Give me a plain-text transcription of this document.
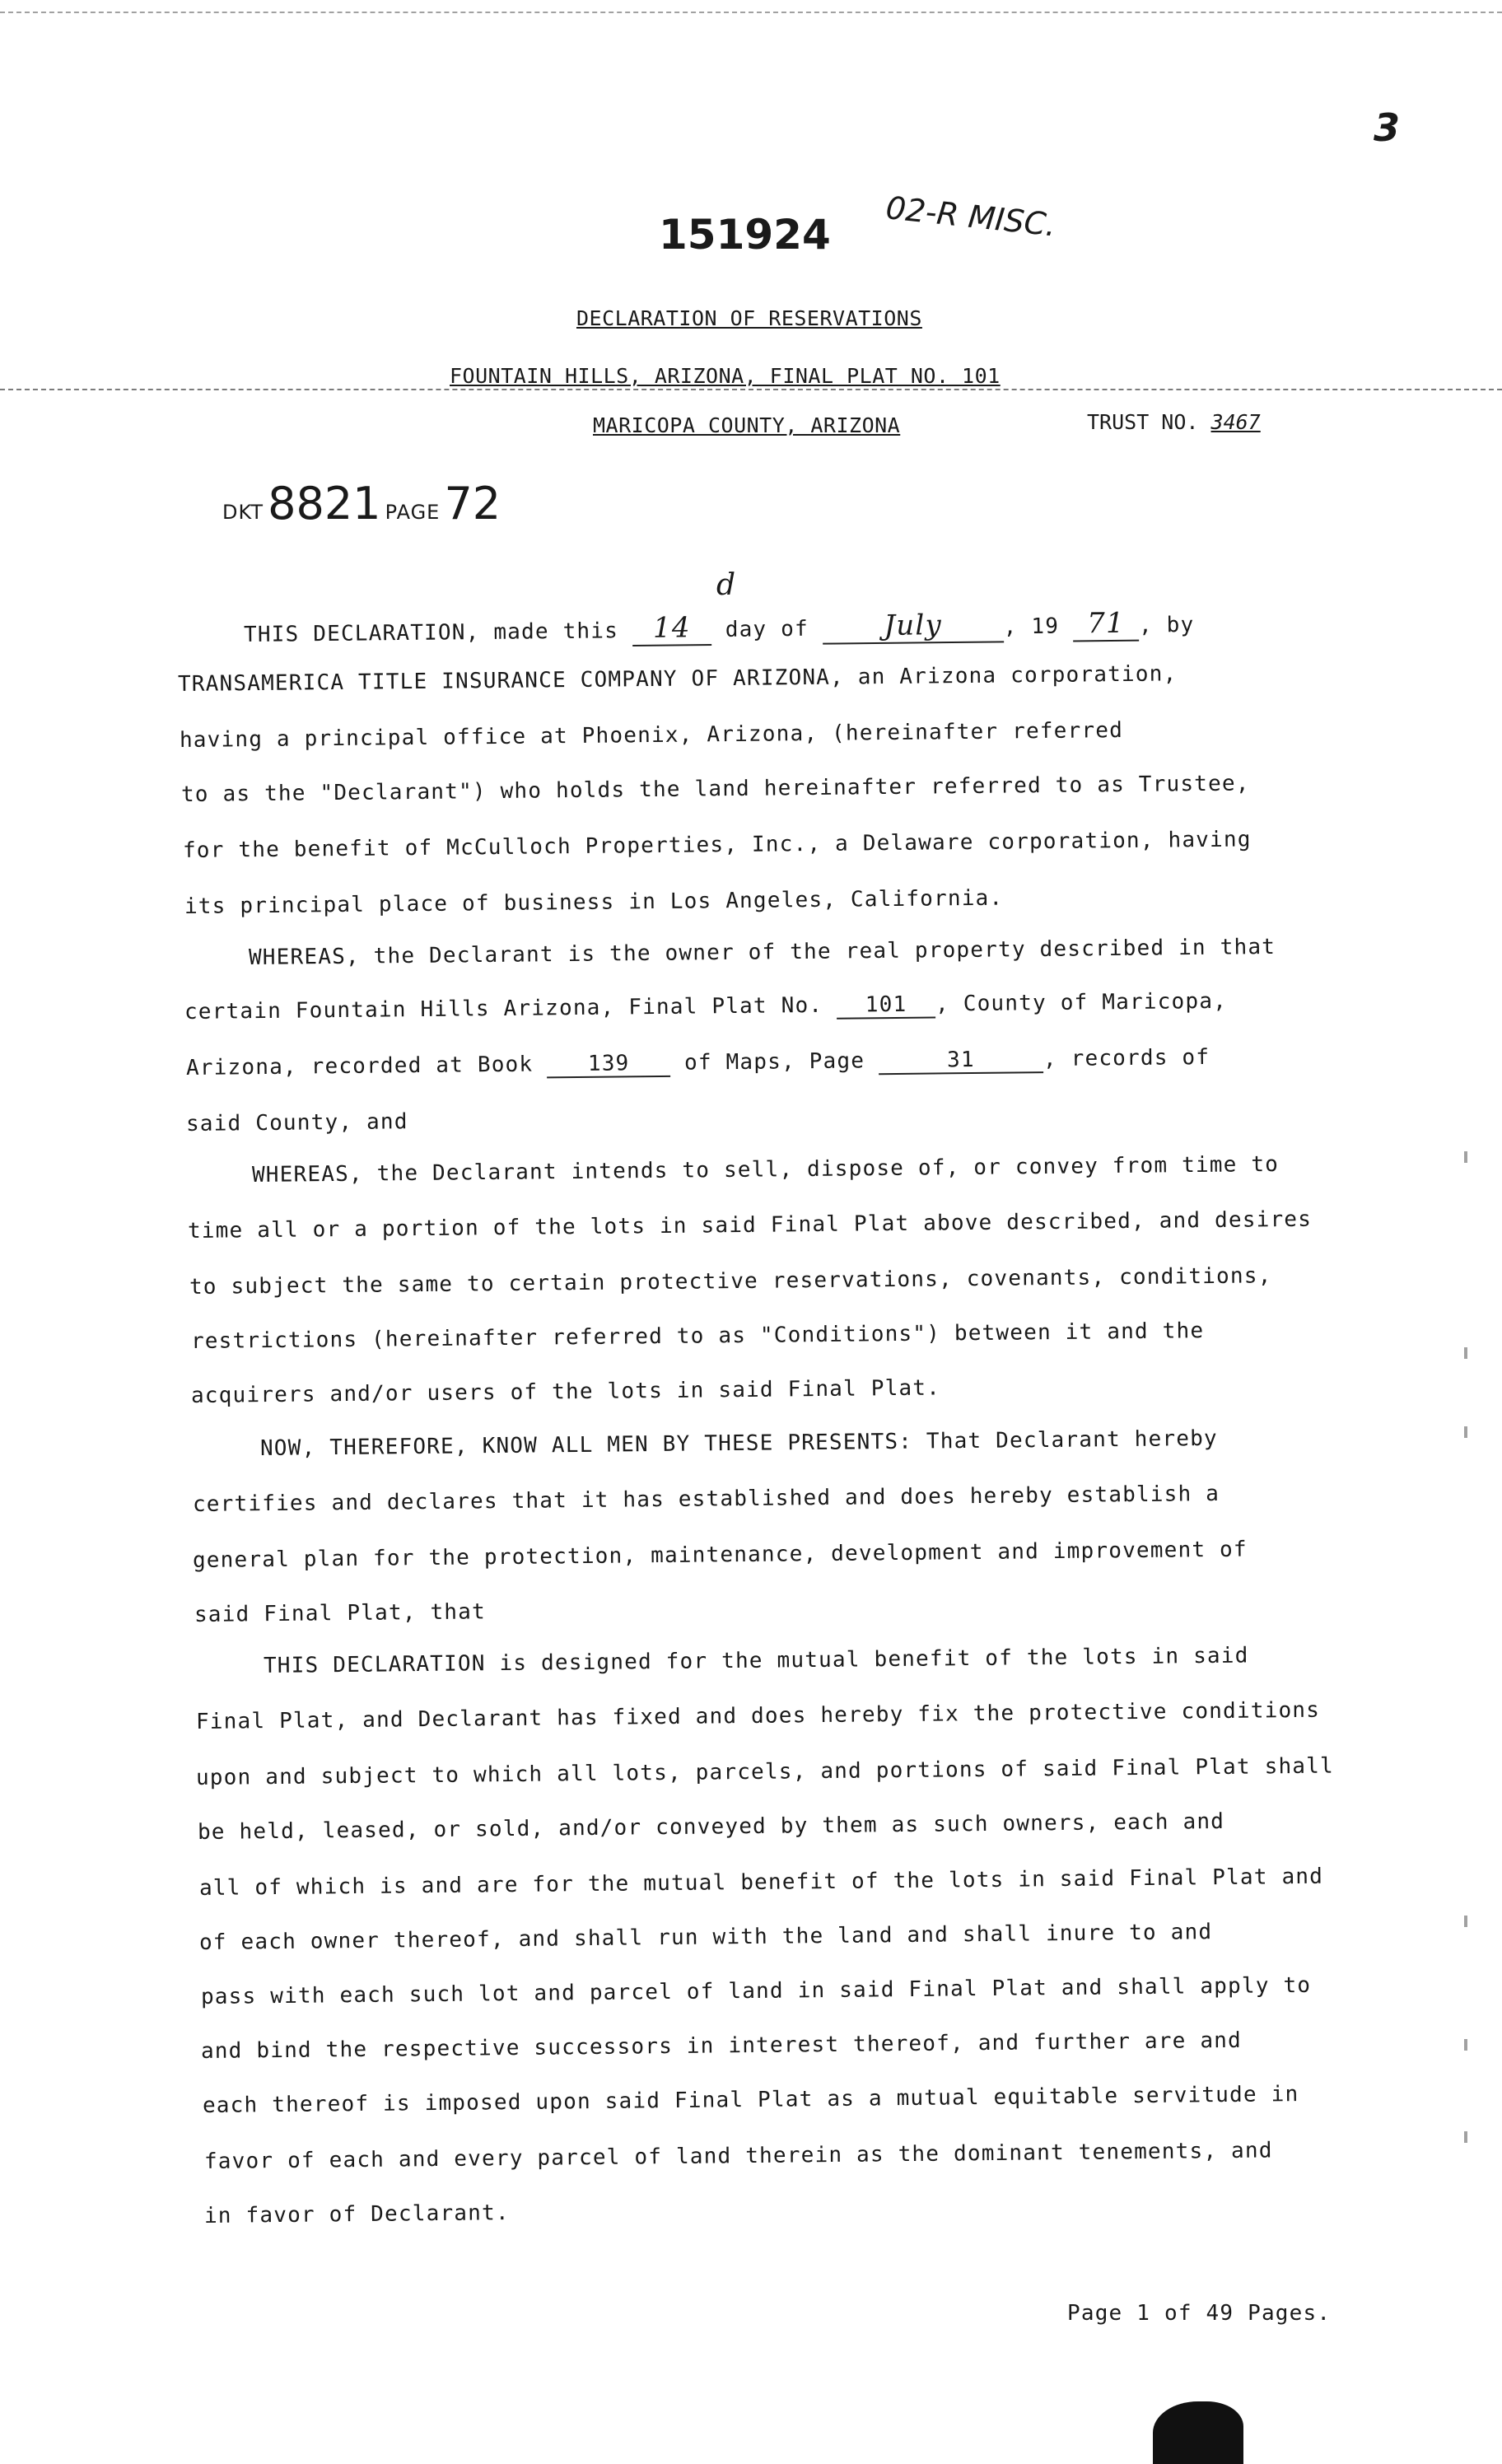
3
151924 02-R MISC.
DECLARATION OF RESERVATIONS
FOUNTAIN HILLS, ARIZONA, FINAL PLAT NO. 101
MARICOPA COUNTY, ARIZONA	TRUST NO. 3467
DKT 8821 PAGE 72
d
THIS DECLARATION, made this 14 day of	July	, 19 71 , by
TRANSAMERICA TITLE INSURANCE COMPANY OF ARIZONA, an Arizona corporation,
having a principal office at Phoenix, Arizona, (hereinafter referred
to as the "Declarant") who holds the land hereinafter referred to as Trustee,
for the benefit of McCulloch Properties, Inc., a Delaware corporation, having
its principal place of business in Los Angeles, California.
WHEREAS, the Declarant is the owner of the real property described in that
certain Fountain Hills Arizona, Final Plat No. 101 , County of Maricopa,
Arizona, recorded at Book	139	of Maps, Page	31	, records of
said County, and
WHEREAS, the Declarant intends to sell, dispose of, or convey from time to
time all or a portion of the lots in said Final Plat above described, and desires
to subject the same to certain protective reservations, covenants, conditions,
restrictions (hereinafter referred to as "Conditions") between it and the
acquirers and/or users of the lots in said Final Plat.
NOW, THEREFORE, KNOW ALL MEN BY THESE PRESENTS: That Declarant hereby
certifies and declares that it has established and does hereby establish a
general plan for the protection, maintenance, development and improvement of
said Final Plat, that
THIS DECLARATION is designed for the mutual benefit of the lots in said
Final Plat, and Declarant has fixed and does hereby fix the protective conditions
upon and subject to which all lots, parcels, and portions of said Final Plat shall
be held, leased, or sold, and/or conveyed by them as such owners, each and
all of which is and are for the mutual benefit of the lots in said Final Plat and
of each owner thereof, and shall run with the land and shall inure to and
pass with each such lot and parcel of land in said Final Plat and shall apply to
and bind the respective successors in interest thereof, and further are and
each thereof is imposed upon said Final Plat as a mutual equitable servitude in
favor of each and every parcel of land therein as the dominant tenements, and
in favor of Declarant.
Page 1 of 49 Pages.
